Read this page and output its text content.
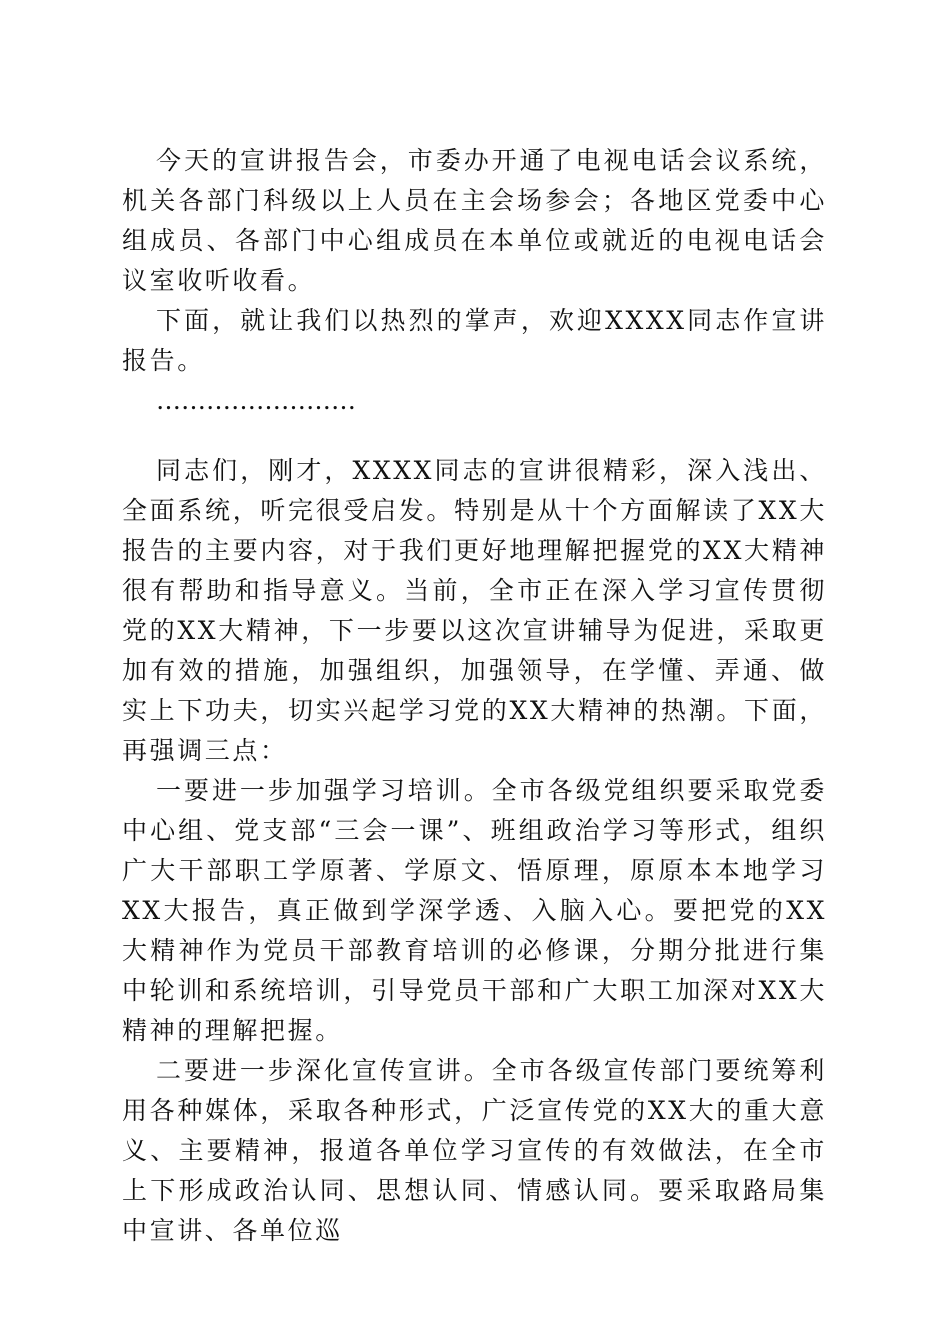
今天的宣讲报告会，市委办开通了电视电话会议系统，机关各部门科级以上人员在主会场参会；各地区党委中心组成员、各部门中心组成员在本单位或就近的电视电话会议室收听收看。

下面，就让我们以热烈的掌声，欢迎XXXX同志作宣讲报告。

……………………

同志们，刚才，XXXX同志的宣讲很精彩，深入浅出、全面系统，听完很受启发。特别是从十个方面解读了XX大报告的主要内容，对于我们更好地理解把握党的XX大精神很有帮助和指导意义。当前，全市正在深入学习宣传贯彻党的XX大精神，下一步要以这次宣讲辅导为促进，采取更加有效的措施，加强组织，加强领导，在学懂、弄通、做实上下功夫，切实兴起学习党的XX大精神的热潮。下面，再强调三点：

一要进一步加强学习培训。全市各级党组织要采取党委中心组、党支部“三会一课”、班组政治学习等形式，组织广大干部职工学原著、学原文、悟原理，原原本本地学习XX大报告，真正做到学深学透、入脑入心。要把党的XX大精神作为党员干部教育培训的必修课，分期分批进行集中轮训和系统培训，引导党员干部和广大职工加深对XX大精神的理解把握。

二要进一步深化宣传宣讲。全市各级宣传部门要统筹利用各种媒体，采取各种形式，广泛宣传党的XX大的重大意义、主要精神，报道各单位学习宣传的有效做法，在全市上下形成政治认同、思想认同、情感认同。要采取路局集中宣讲、各单位巡
